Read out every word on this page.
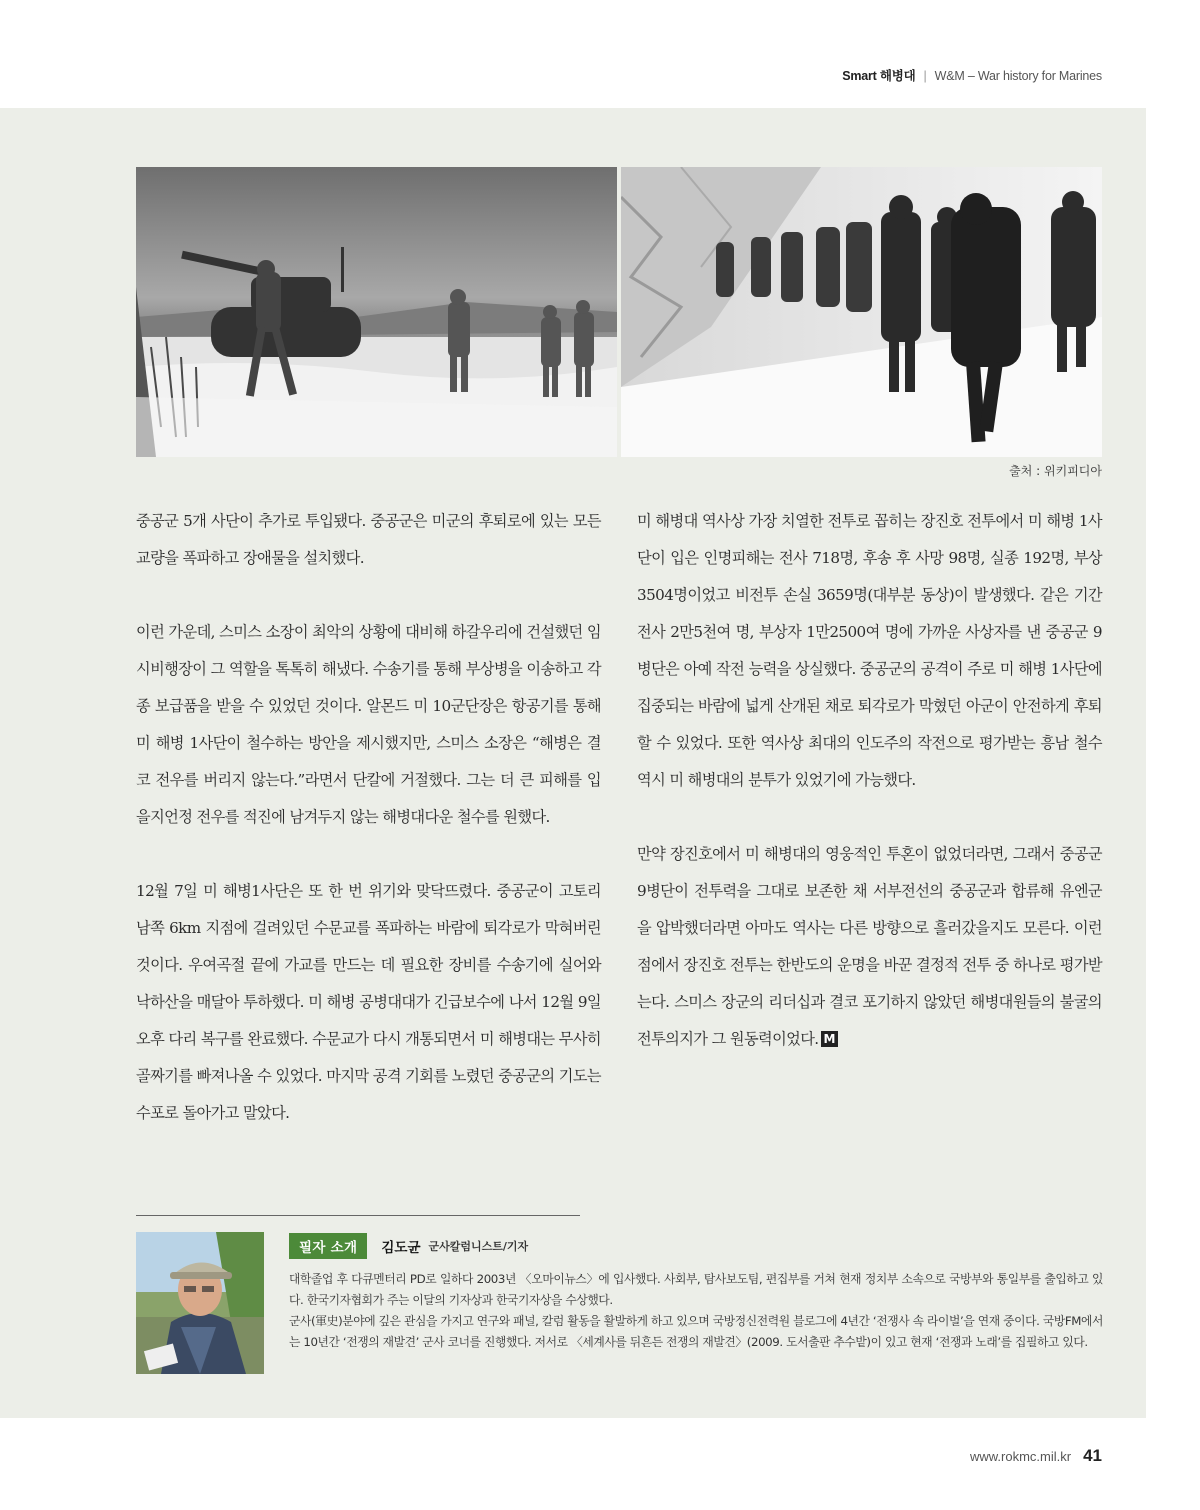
Smart 해병대 | W&M – War history for Marines
출처 : 위키피디아

중공군 5개 사단이 추가로 투입됐다. 중공군은 미군의 후퇴로에 있는 모든 교량을 폭파하고 장애물을 설치했다.

이런 가운데, 스미스 소장이 최악의 상황에 대비해 하갈우리에 건설했던 임시비행장이 그 역할을 톡톡히 해냈다. 수송기를 통해 부상병을 이송하고 각종 보급품을 받을 수 있었던 것이다. 알몬드 미 10군단장은 항공기를 통해 미 해병 1사단이 철수하는 방안을 제시했지만, 스미스 소장은 “해병은 결코 전우를 버리지 않는다.”라면서 단칼에 거절했다. 그는 더 큰 피해를 입을지언정 전우를 적진에 남겨두지 않는 해병대다운 철수를 원했다.

12월 7일 미 해병1사단은 또 한 번 위기와 맞닥뜨렸다. 중공군이 고토리 남쪽 6km 지점에 걸려있던 수문교를 폭파하는 바람에 퇴각로가 막혀버린 것이다. 우여곡절 끝에 가교를 만드는 데 필요한 장비를 수송기에 실어와 낙하산을 매달아 투하했다. 미 해병 공병대대가 긴급보수에 나서 12월 9일 오후 다리 복구를 완료했다. 수문교가 다시 개통되면서 미 해병대는 무사히 골짜기를 빠져나올 수 있었다. 마지막 공격 기회를 노렸던 중공군의 기도는 수포로 돌아가고 말았다.

미 해병대 역사상 가장 치열한 전투로 꼽히는 장진호 전투에서 미 해병 1사단이 입은 인명피해는 전사 718명, 후송 후 사망 98명, 실종 192명, 부상 3504명이었고 비전투 손실 3659명(대부분 동상)이 발생했다. 같은 기간 전사 2만5천여 명, 부상자 1만2500여 명에 가까운 사상자를 낸 중공군 9병단은 아예 작전 능력을 상실했다. 중공군의 공격이 주로 미 해병 1사단에 집중되는 바람에 넓게 산개된 채로 퇴각로가 막혔던 아군이 안전하게 후퇴할 수 있었다. 또한 역사상 최대의 인도주의 작전으로 평가받는 흥남 철수 역시 미 해병대의 분투가 있었기에 가능했다.

만약 장진호에서 미 해병대의 영웅적인 투혼이 없었더라면, 그래서 중공군 9병단이 전투력을 그대로 보존한 채 서부전선의 중공군과 합류해 유엔군을 압박했더라면 아마도 역사는 다른 방향으로 흘러갔을지도 모른다. 이런 점에서 장진호 전투는 한반도의 운명을 바꾼 결정적 전투 중 하나로 평가받는다. 스미스 장군의 리더십과 결코 포기하지 않았던 해병대원들의 불굴의 전투의지가 그 원동력이었다. M

필자 소개	김도균 군사칼럼니스트/기자

대학졸업 후 다큐멘터리 PD로 일하다 2003년 〈오마이뉴스〉에 입사했다. 사회부, 탐사보도팀, 편집부를 거쳐 현재 정치부 소속으로 국방부와 통일부를 출입하고 있다. 한국기자협회가 주는 이달의 기자상과 한국기자상을 수상했다.

군사(軍史)분야에 깊은 관심을 가지고 연구와 패널, 칼럼 활동을 활발하게 하고 있으며 국방정신전력원 블로그에 4년간 ‘전쟁사 속 라이벌’을 연재 중이다. 국방FM에서는 10년간 ‘전쟁의 재발견’ 군사 코너를 진행했다. 저서로 〈세계사를 뒤흔든 전쟁의 재발견〉(2009. 도서출판 추수밭)이 있고 현재 ‘전쟁과 노래’를 집필하고 있다.

www.rokmc.mil.kr 41
